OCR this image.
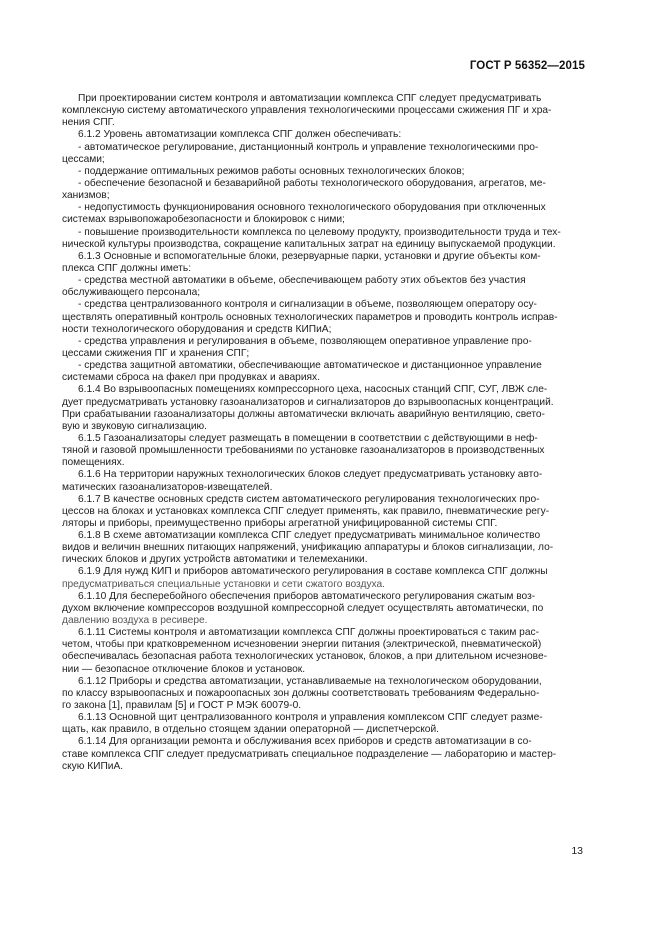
ГОСТ Р 56352—2015
При проектировании систем контроля и автоматизации комплекса СПГ следует предусматривать
комплексную систему автоматического управления технологическими процессами сжижения ПГ и хра-
нения СПГ.
6.1.2 Уровень автоматизации комплекса СПГ должен обеспечивать:
- автоматическое регулирование, дистанционный контроль и управление технологическими про-
цессами;
- поддержание оптимальных режимов работы основных технологических блоков;
- обеспечение безопасной и безаварийной работы технологического оборудования, агрегатов, ме-
ханизмов;
- недопустимость функционирования основного технологического оборудования при отключенных
системах взрывопожаробезопасности и блокировок с ними;
- повышение производительности комплекса по целевому продукту, производительности труда и тех-
нической культуры производства, сокращение капитальных затрат на единицу выпускаемой продукции.
6.1.3 Основные и вспомогательные блоки, резервуарные парки, установки и другие объекты ком-
плекса СПГ должны иметь:
- средства местной автоматики в объеме, обеспечивающем работу этих объектов без участия
обслуживающего персонала;
- средства централизованного контроля и сигнализации в объеме, позволяющем оператору осу-
ществлять оперативный контроль основных технологических параметров и проводить контроль исправ-
ности технологического оборудования и средств КИПиА;
- средства управления и регулирования в объеме, позволяющем оперативное управление про-
цессами сжижения ПГ и хранения СПГ;
- средства защитной автоматики, обеспечивающие автоматическое и дистанционное управление
системами сброса на факел при продувках и авариях.
6.1.4 Во взрывоопасных помещениях компрессорного цеха, насосных станций СПГ, СУГ, ЛВЖ сле-
дует предусматривать установку газоанализаторов и сигнализаторов до взрывоопасных концентраций.
При срабатывании газоанализаторы должны автоматически включать аварийную вентиляцию, свето-
вую и звуковую сигнализацию.
6.1.5 Газоанализаторы следует размещать в помещении в соответствии с действующими в неф-
тяной и газовой промышленности требованиями по установке газоанализаторов в производственных
помещениях.
6.1.6 На территории наружных технологических блоков следует предусматривать установку авто-
матических газоанализаторов-извещателей.
6.1.7 В качестве основных средств систем автоматического регулирования технологических про-
цессов на блоках и установках комплекса СПГ следует применять, как правило, пневматические регу-
ляторы и приборы, преимущественно приборы агрегатной унифицированной системы СПГ.
6.1.8 В схеме автоматизации комплекса СПГ следует предусматривать минимальное количество
видов и величин внешних питающих напряжений, унификацию аппаратуры и блоков сигнализации, ло-
гических блоков и других устройств автоматики и телемеханики.
6.1.9 Для нужд КИП и приборов автоматического регулирования в составе комплекса СПГ должны
предусматриваться специальные установки и сети сжатого воздуха.
6.1.10 Для бесперебойного обеспечения приборов автоматического регулирования сжатым воз-
духом включение компрессоров воздушной компрессорной следует осуществлять автоматически, по
давлению воздуха в ресивере.
6.1.11 Системы контроля и автоматизации комплекса СПГ должны проектироваться с таким рас-
четом, чтобы при кратковременном исчезновении энергии питания (электрической, пневматической)
обеспечивалась безопасная работа технологических установок, блоков, а при длительном исчезнове-
нии — безопасное отключение блоков и установок.
6.1.12 Приборы и средства автоматизации, устанавливаемые на технологическом оборудовании,
по классу взрывоопасных и пожароопасных зон должны соответствовать требованиям Федерально-
го закона [1], правилам [5] и ГОСТ Р МЭК 60079-0.
6.1.13 Основной щит централизованного контроля и управления комплексом СПГ следует разме-
щать, как правило, в отдельно стоящем здании операторной — диспетчерской.
6.1.14 Для организации ремонта и обслуживания всех приборов и средств автоматизации в со-
ставе комплекса СПГ следует предусматривать специальное подразделение — лабораторию и мастер-
скую КИПиА.
13
